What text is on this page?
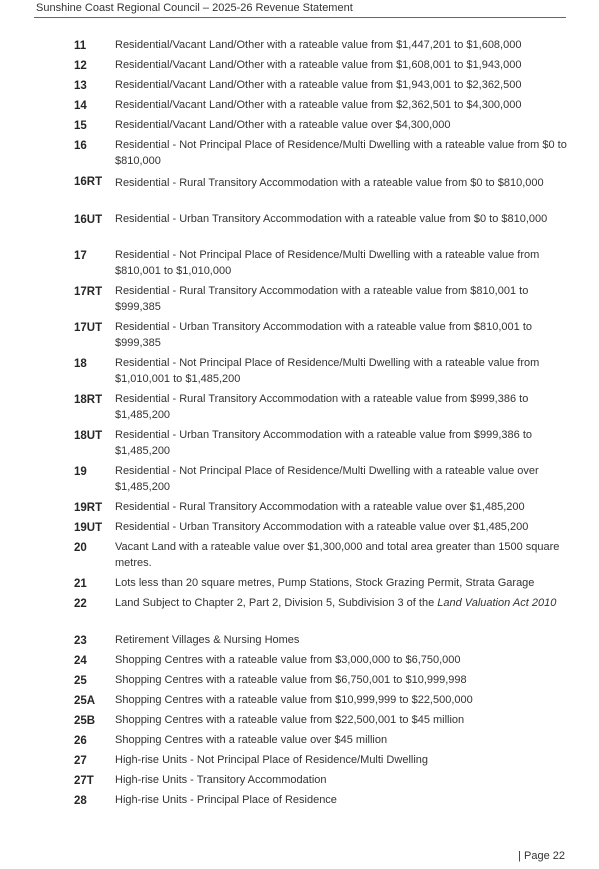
Sunshine Coast Regional Council – 2025-26 Revenue Statement
11	Residential/Vacant Land/Other with a rateable value from $1,447,201 to $1,608,000
12	Residential/Vacant Land/Other with a rateable value from $1,608,001 to $1,943,000
13	Residential/Vacant Land/Other with a rateable value from $1,943,001 to $2,362,500
14	Residential/Vacant Land/Other with a rateable value from $2,362,501 to $4,300,000
15	Residential/Vacant Land/Other with a rateable value over $4,300,000
16	Residential - Not Principal Place of Residence/Multi Dwelling with a rateable value from $0 to $810,000
16RT	Residential - Rural Transitory Accommodation with a rateable value from $0 to $810,000
16UT	Residential - Urban Transitory Accommodation with a rateable value from $0 to $810,000
17	Residential - Not Principal Place of Residence/Multi Dwelling with a rateable value from $810,001 to $1,010,000
17RT	Residential - Rural Transitory Accommodation with a rateable value from $810,001 to $999,385
17UT	Residential - Urban Transitory Accommodation with a rateable value from $810,001 to $999,385
18	Residential - Not Principal Place of Residence/Multi Dwelling with a rateable value from $1,010,001 to $1,485,200
18RT	Residential - Rural Transitory Accommodation with a rateable value from $999,386 to $1,485,200
18UT	Residential - Urban Transitory Accommodation with a rateable value from $999,386 to $1,485,200
19	Residential - Not Principal Place of Residence/Multi Dwelling with a rateable value over $1,485,200
19RT	Residential - Rural Transitory Accommodation with a rateable value over $1,485,200
19UT	Residential - Urban Transitory Accommodation with a rateable value over $1,485,200
20	Vacant Land with a rateable value over $1,300,000 and total area greater than 1500 square metres.
21	Lots less than 20 square metres, Pump Stations, Stock Grazing Permit, Strata Garage
22	Land Subject to Chapter 2, Part 2, Division 5, Subdivision 3 of the Land Valuation Act 2010
23	Retirement Villages & Nursing Homes
24	Shopping Centres with a rateable value from $3,000,000 to $6,750,000
25	Shopping Centres with a rateable value from $6,750,001 to $10,999,998
25A	Shopping Centres with a rateable value from $10,999,999 to $22,500,000
25B	Shopping Centres with a rateable value from $22,500,001 to $45 million
26	Shopping Centres with a rateable value over $45 million
27	High-rise Units - Not Principal Place of Residence/Multi Dwelling
27T	High-rise Units - Transitory Accommodation
28	High-rise Units - Principal Place of Residence
| Page 22
